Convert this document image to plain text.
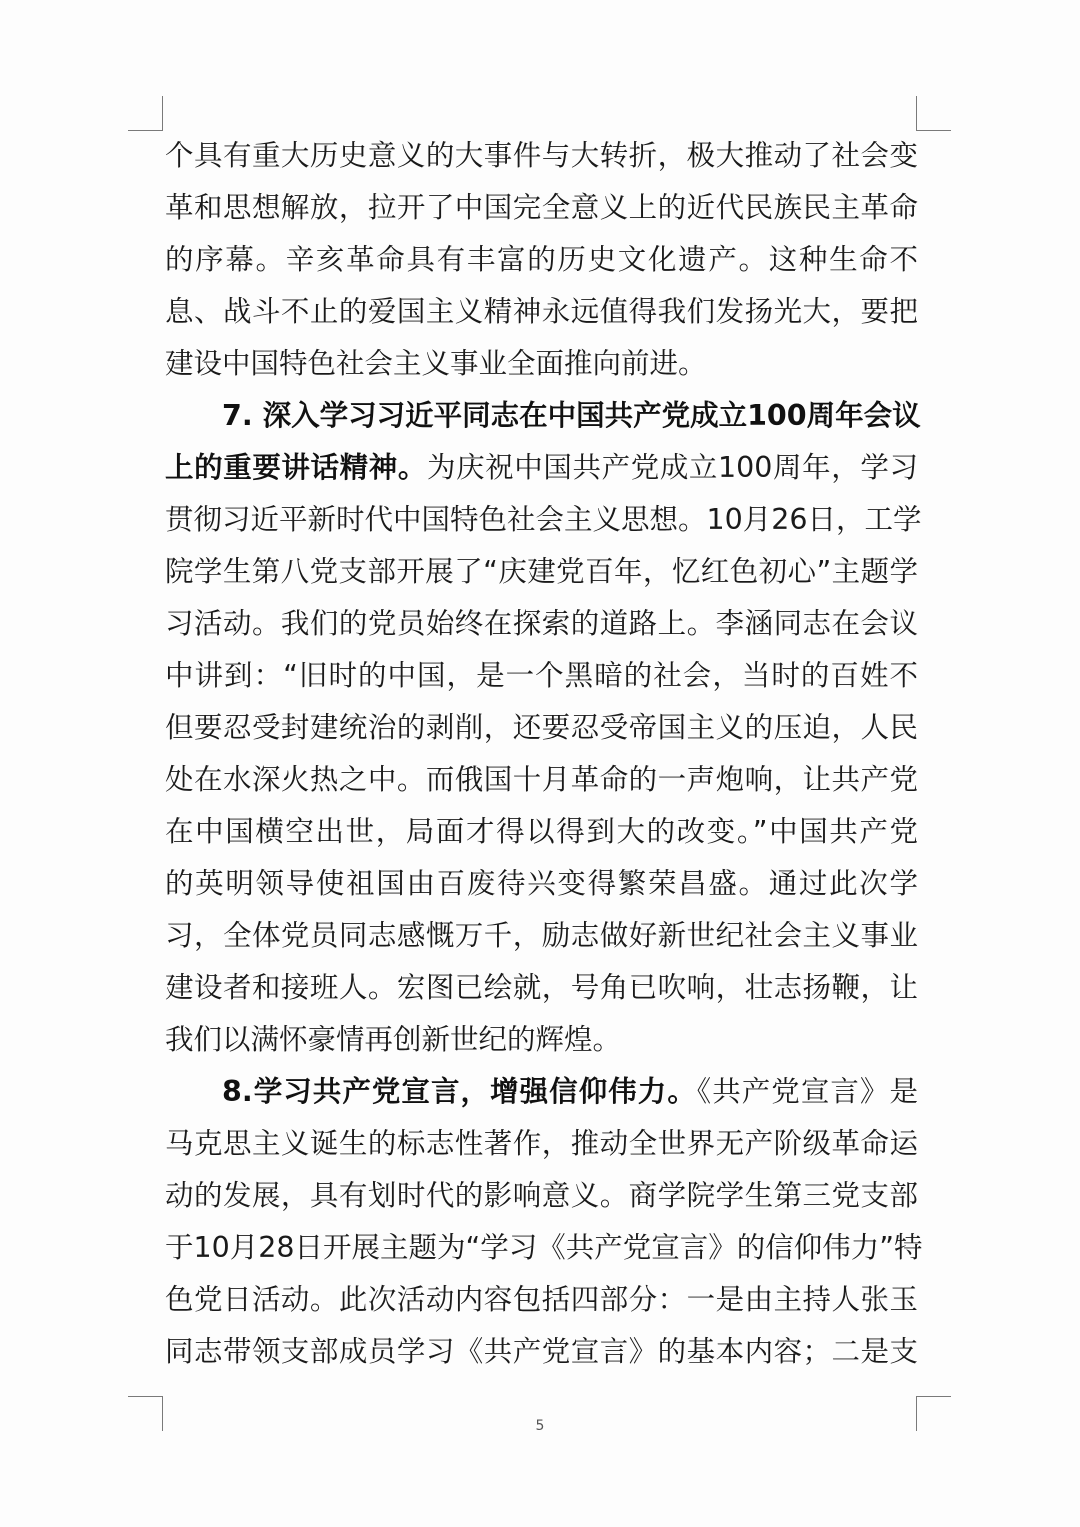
个具有重大历史意义的大事件与大转折，极大推动了社会变
革和思想解放，拉开了中国完全意义上的近代民族民主革命
的序幕。辛亥革命具有丰富的历史文化遗产。这种生命不
息、战斗不止的爱国主义精神永远值得我们发扬光大，要把
建设中国特色社会主义事业全面推向前进。
7. 深入学习习近平同志在中国共产党成立100周年会议
上的重要讲话精神。为庆祝中国共产党成立100周年，学习
贯彻习近平新时代中国特色社会主义思想。10月26日，工学
院学生第八党支部开展了“庆建党百年，忆红色初心”主题学
习活动。我们的党员始终在探索的道路上。李涵同志在会议
中讲到：“旧时的中国，是一个黑暗的社会，当时的百姓不
但要忍受封建统治的剥削，还要忍受帝国主义的压迫，人民
处在水深火热之中。而俄国十月革命的一声炮响，让共产党
在中国横空出世，局面才得以得到大的改变。”中国共产党
的英明领导使祖国由百废待兴变得繁荣昌盛。通过此次学
习，全体党员同志感慨万千，励志做好新世纪社会主义事业
建设者和接班人。宏图已绘就，号角已吹响，壮志扬鞭，让
我们以满怀豪情再创新世纪的辉煌。
8.学习共产党宣言，增强信仰伟力。《共产党宣言》是
马克思主义诞生的标志性著作，推动全世界无产阶级革命运
动的发展，具有划时代的影响意义。商学院学生第三党支部
于10月28日开展主题为“学习《共产党宣言》的信仰伟力”特
色党日活动。此次活动内容包括四部分：一是由主持人张玉
同志带领支部成员学习《共产党宣言》的基本内容；二是支
5
